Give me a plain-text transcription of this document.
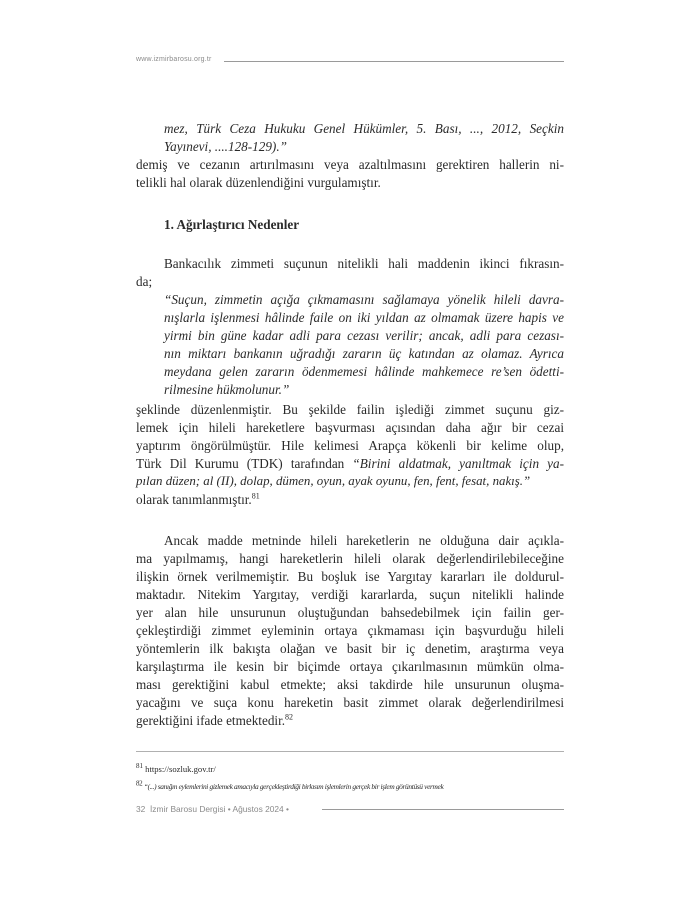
www.izmirbarosu.org.tr
mez, Türk Ceza Hukuku Genel Hükümler, 5. Bası, ..., 2012, Seçkin
Yayınevi, ....128-129).”
demiş ve cezanın artırılmasını veya azaltılmasını gerektiren hallerin ni-
telikli hal olarak düzenlendiğini vurgulamıştır.
1. Ağırlaştırıcı Nedenler
Bankacılık zimmeti suçunun nitelikli hali maddenin ikinci fıkrasın-
da;
“Suçun, zimmetin açığa çıkmamasını sağlamaya yönelik hileli davra-
nışlarla işlenmesi hâlinde faile on iki yıldan az olmamak üzere hapis ve
yirmi bin güne kadar adli para cezası verilir; ancak, adli para cezası-
nın miktarı bankanın uğradığı zararın üç katından az olamaz. Ayrıca
meydana gelen zararın ödenmemesi hâlinde mahkemece re’sen ödetti-
rilmesine hükmolunur.”
şeklinde düzenlenmiştir. Bu şekilde failin işlediği zimmet suçunu giz-
lemek için hileli hareketlere başvurması açısından daha ağır bir cezai
yaptırım öngörülmüştür. Hile kelimesi Arapça kökenli bir kelime olup,
Türk Dil Kurumu (TDK) tarafından “Birini aldatmak, yanıltmak için ya-
pılan düzen; al (II), dolap, dümen, oyun, ayak oyunu, fen, fent, fesat, nakış.”
olarak tanımlanmıştır.$^{81}$
Ancak madde metninde hileli hareketlerin ne olduğuna dair açıkla-
ma yapılmamış, hangi hareketlerin hileli olarak değerlendirilebileceğine
ilişkin örnek verilmemiştir. Bu boşluk ise Yargıtay kararları ile doldurul-
maktadır. Nitekim Yargıtay, verdiği kararlarda, suçun nitelikli halinde
yer alan hile unsurunun oluştuğundan bahsedebilmek için failin ger-
çekleştirdiği zimmet eyleminin ortaya çıkmaması için başvurduğu hileli
yöntemlerin ilk bakışta olağan ve basit bir iç denetim, araştırma veya
karşılaştırma ile kesin bir biçimde ortaya çıkarılmasının mümkün olma-
ması gerektiğini kabul etmekte; aksi takdirde hile unsurunun oluşma-
yacağını ve suça konu hareketin basit zimmet olarak değerlendirilmesi
gerektiğini ifade etmektedir.$^{82}$
$^{81}$ https://sozluk.gov.tr/
$^{82}$ “(...) sanığın eylemlerini gizlemek amacıyla gerçekleştirdiği birkısım işlemlerin gerçek bir işlem görüntüsü vermek
32 İzmir Barosu Dergisi • Ağustos 2024 •
